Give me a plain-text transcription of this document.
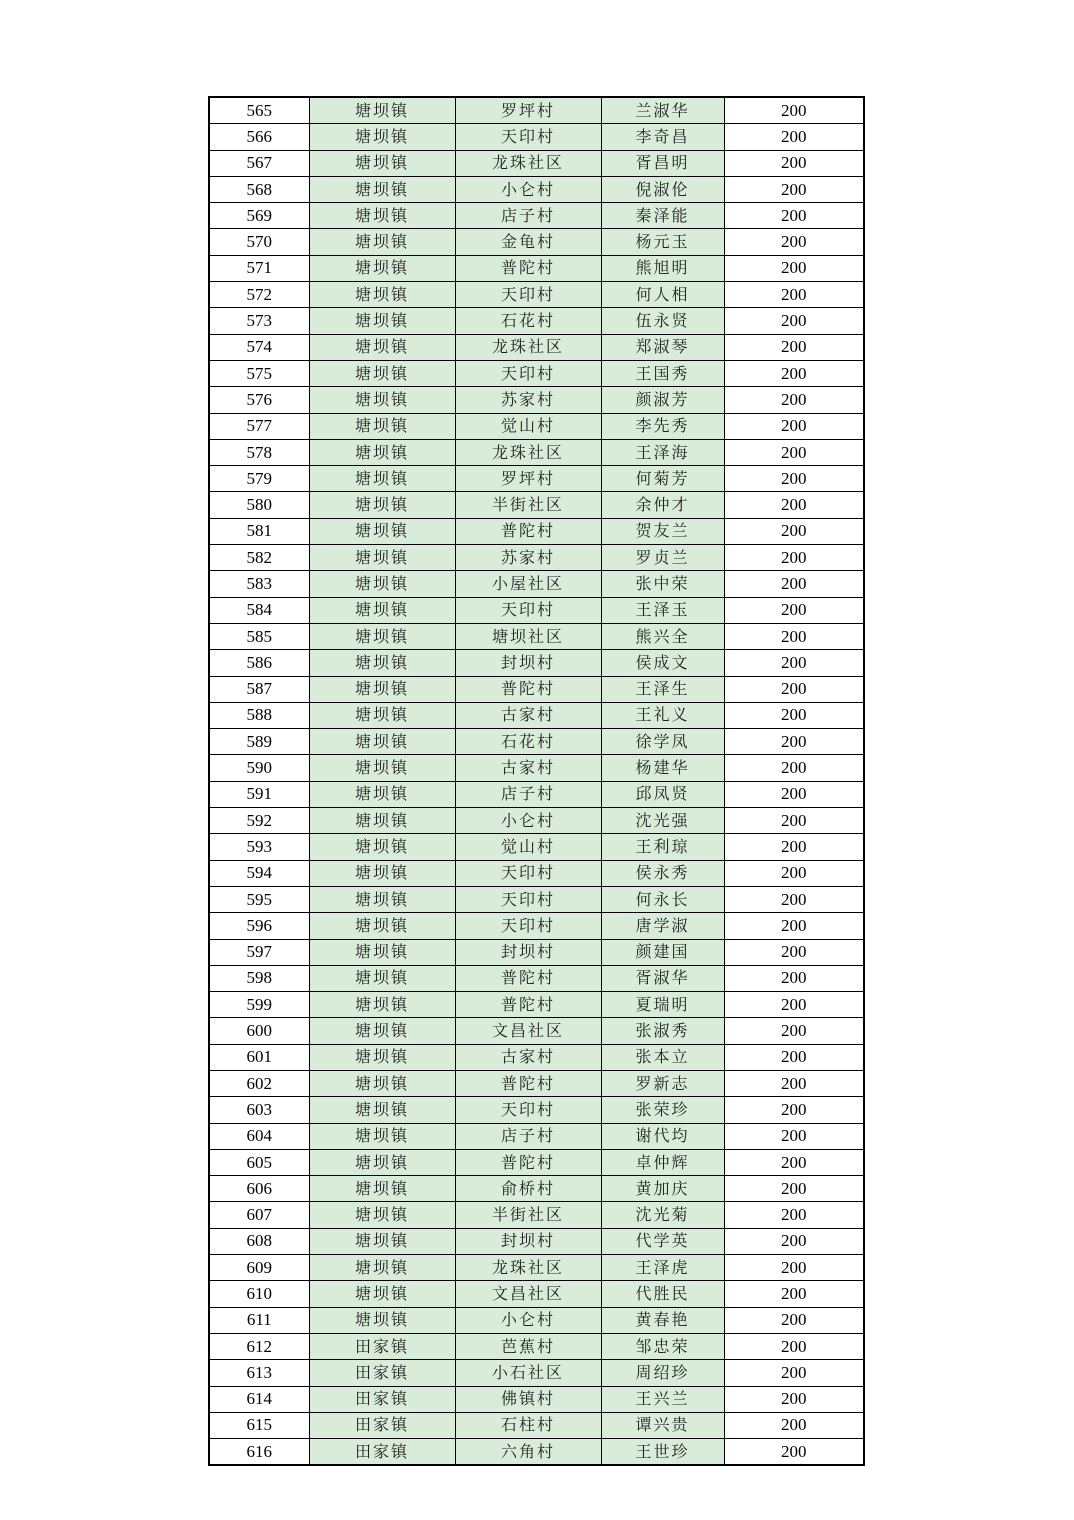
565	塘坝镇	罗坪村	兰淑华	200
566	塘坝镇	天印村	李奇昌	200
567	塘坝镇	龙珠社区	胥昌明	200
568	塘坝镇	小仑村	倪淑伦	200
569	塘坝镇	店子村	秦泽能	200
570	塘坝镇	金龟村	杨元玉	200
571	塘坝镇	普陀村	熊旭明	200
572	塘坝镇	天印村	何人相	200
573	塘坝镇	石花村	伍永贤	200
574	塘坝镇	龙珠社区	郑淑琴	200
575	塘坝镇	天印村	王国秀	200
576	塘坝镇	苏家村	颜淑芳	200
577	塘坝镇	觉山村	李先秀	200
578	塘坝镇	龙珠社区	王泽海	200
579	塘坝镇	罗坪村	何菊芳	200
580	塘坝镇	半街社区	余仲才	200
581	塘坝镇	普陀村	贺友兰	200
582	塘坝镇	苏家村	罗贞兰	200
583	塘坝镇	小屋社区	张中荣	200
584	塘坝镇	天印村	王泽玉	200
585	塘坝镇	塘坝社区	熊兴全	200
586	塘坝镇	封坝村	侯成文	200
587	塘坝镇	普陀村	王泽生	200
588	塘坝镇	古家村	王礼义	200
589	塘坝镇	石花村	徐学凤	200
590	塘坝镇	古家村	杨建华	200
591	塘坝镇	店子村	邱凤贤	200
592	塘坝镇	小仑村	沈光强	200
593	塘坝镇	觉山村	王利琼	200
594	塘坝镇	天印村	侯永秀	200
595	塘坝镇	天印村	何永长	200
596	塘坝镇	天印村	唐学淑	200
597	塘坝镇	封坝村	颜建国	200
598	塘坝镇	普陀村	胥淑华	200
599	塘坝镇	普陀村	夏瑞明	200
600	塘坝镇	文昌社区	张淑秀	200
601	塘坝镇	古家村	张本立	200
602	塘坝镇	普陀村	罗新志	200
603	塘坝镇	天印村	张荣珍	200
604	塘坝镇	店子村	谢代均	200
605	塘坝镇	普陀村	卓仲辉	200
606	塘坝镇	俞桥村	黄加庆	200
607	塘坝镇	半街社区	沈光菊	200
608	塘坝镇	封坝村	代学英	200
609	塘坝镇	龙珠社区	王泽虎	200
610	塘坝镇	文昌社区	代胜民	200
611	塘坝镇	小仑村	黄春艳	200
612	田家镇	芭蕉村	邹忠荣	200
613	田家镇	小石社区	周绍珍	200
614	田家镇	佛镇村	王兴兰	200
615	田家镇	石柱村	谭兴贵	200
616	田家镇	六角村	王世珍	200
